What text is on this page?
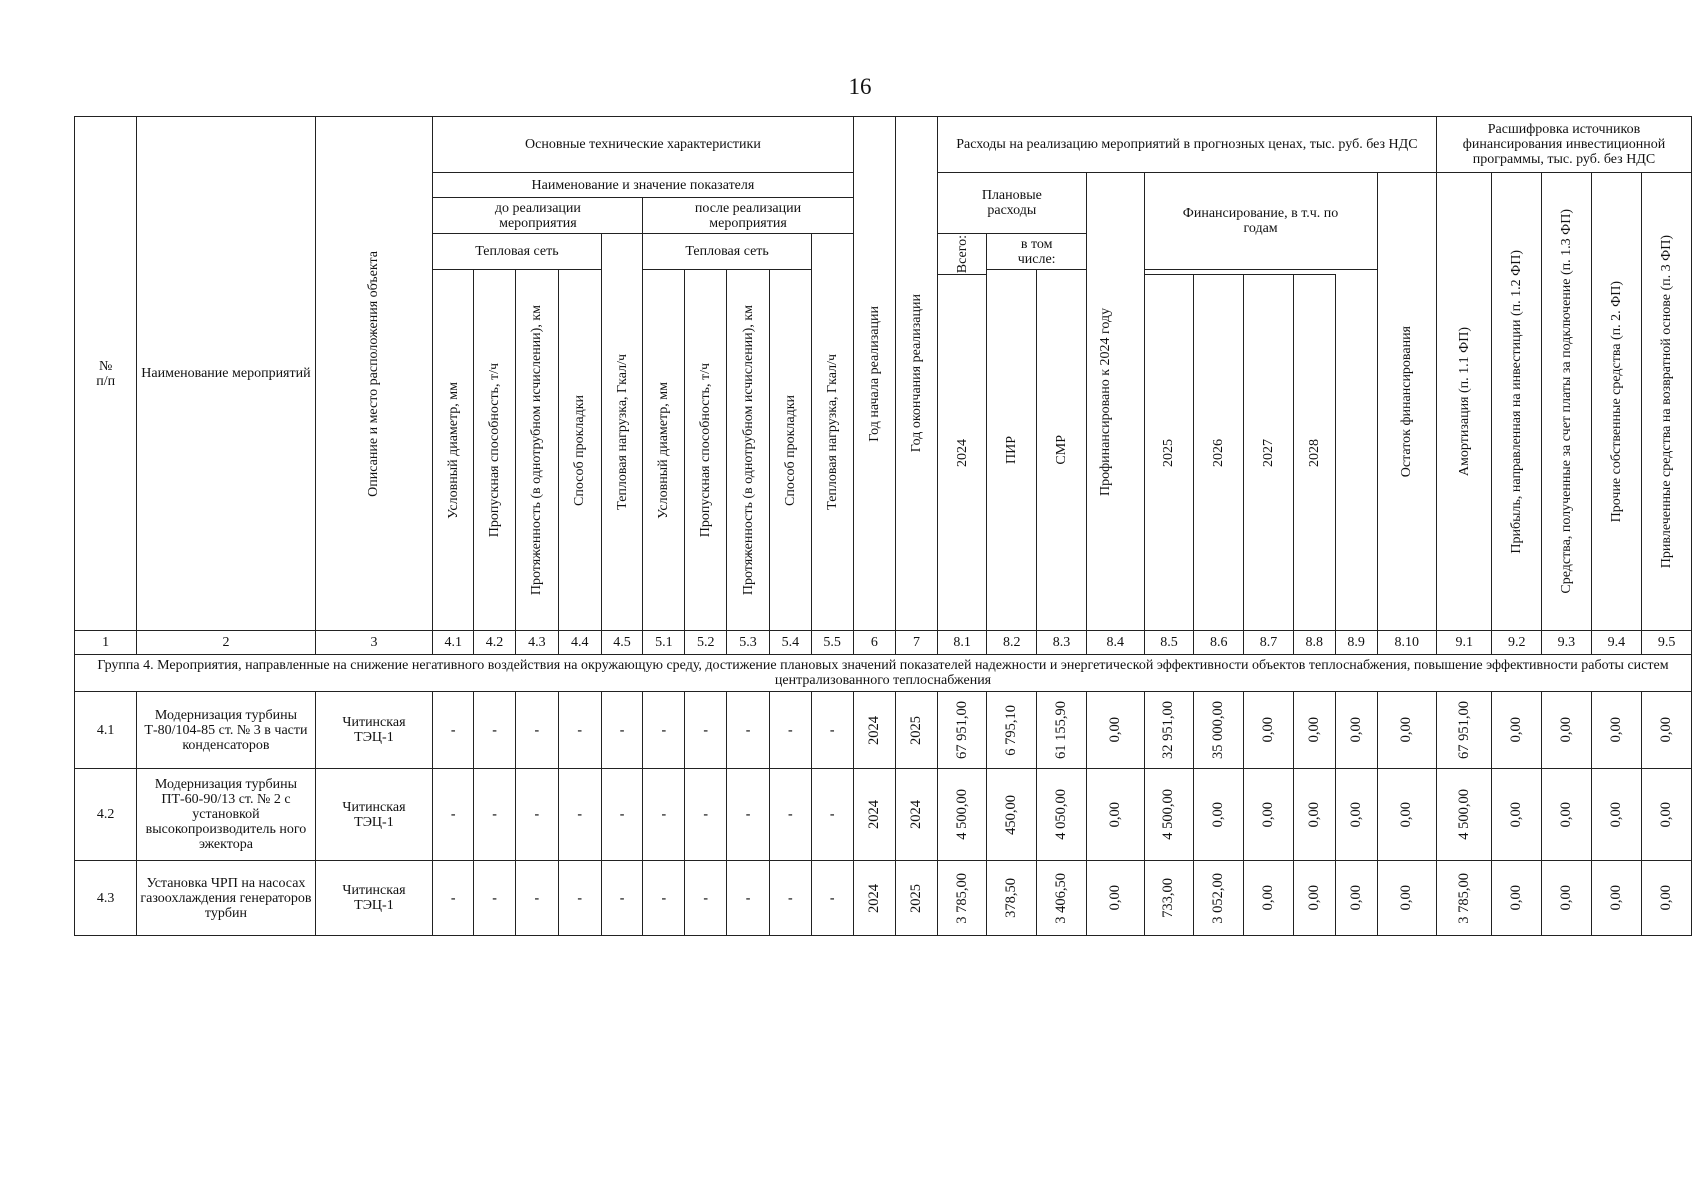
16
№
п/п	Наименование мероприятий	Описание и место расположения объекта	Основные технические характеристики										Год начала реализации	Год окончания реализации	Расходы на реализацию мероприятий в прогнозных ценах, тыс. руб. без НДС										Расшифровка источников финансирования инвестиционной программы, тыс. руб. без НДС				
			Наименование и значение показателя												Плановые расходы			Профинансировано к 2024 году	Финансирование, в т.ч. по годам					Остаток финансирования	Амортизация (п. 1.1 ФП)	Прибыль, направленная на инвестиции (п. 1.2 ФП)	Средства, полученные за счет платы за подключение (п. 1.3 ФП)	Прочие собственные средства (п. 2. ФП)	Привлеченные средства на возвратной основе (п. 3 ФП)

			до реализации мероприятия					после реализации мероприятия																					
			Тепловая сеть				Тепловая нагрузка, Гкал/ч	Тепловая сеть				Тепловая нагрузка, Гкал/ч			Всего:	в том числе:													

			Условный диаметр, мм	Пропускная способность, т/ч	Протяженность (в однотрубном исчислении), км	Способ прокладки		Условный диаметр, мм	Пропускная способность, т/ч	Протяженность (в однотрубном исчислении), км	Способ прокладки					ПИР	СМР												

															2024				2025	2026	2027	2028							

1	2	3	4.1	4.2	4.3	4.4	4.5	5.1	5.2	5.3	5.4	5.5	6	7	8.1	8.2	8.3	8.4	8.5	8.6	8.7	8.8	8.9	8.10	9.1	9.2	9.3	9.4	9.5
Группа 4. Мероприятия, направленные на снижение негативного воздействия на окружающую среду, достижение плановых значений показателей надежности и энергетической эффективности объектов теплоснабжения, повышение эффективности работы систем централизованного теплоснабжения																													
4.1	Модернизация турбины Т-80/104-85 ст. № 3 в части конденсаторов	Читинская ТЭЦ-1	-	-	-	-	-	-	-	-	-	-	2024	2025	67 951,00	6 795,10	61 155,90	0,00	32 951,00	35 000,00	0,00	0,00	0,00	0,00	67 951,00	0,00	0,00	0,00	0,00

4.2	Модернизация турбины ПТ-60-90/13 ст. № 2 с установкой высокопроизводитель ного эжектора	Читинская ТЭЦ-1	-	-	-	-	-	-	-	-	-	-	2024	2024	4 500,00	450,00	4 050,00	0,00	4 500,00	0,00	0,00	0,00	0,00	0,00	4 500,00	0,00	0,00	0,00	0,00

4.3	Установка ЧРП на насосах газоохлаждения генераторов турбин	Читинская ТЭЦ-1	-	-	-	-	-	-	-	-	-	-	2024	2025	3 785,00	378,50	3 406,50	0,00	733,00	3 052,00	0,00	0,00	0,00	0,00	3 785,00	0,00	0,00	0,00	0,00
